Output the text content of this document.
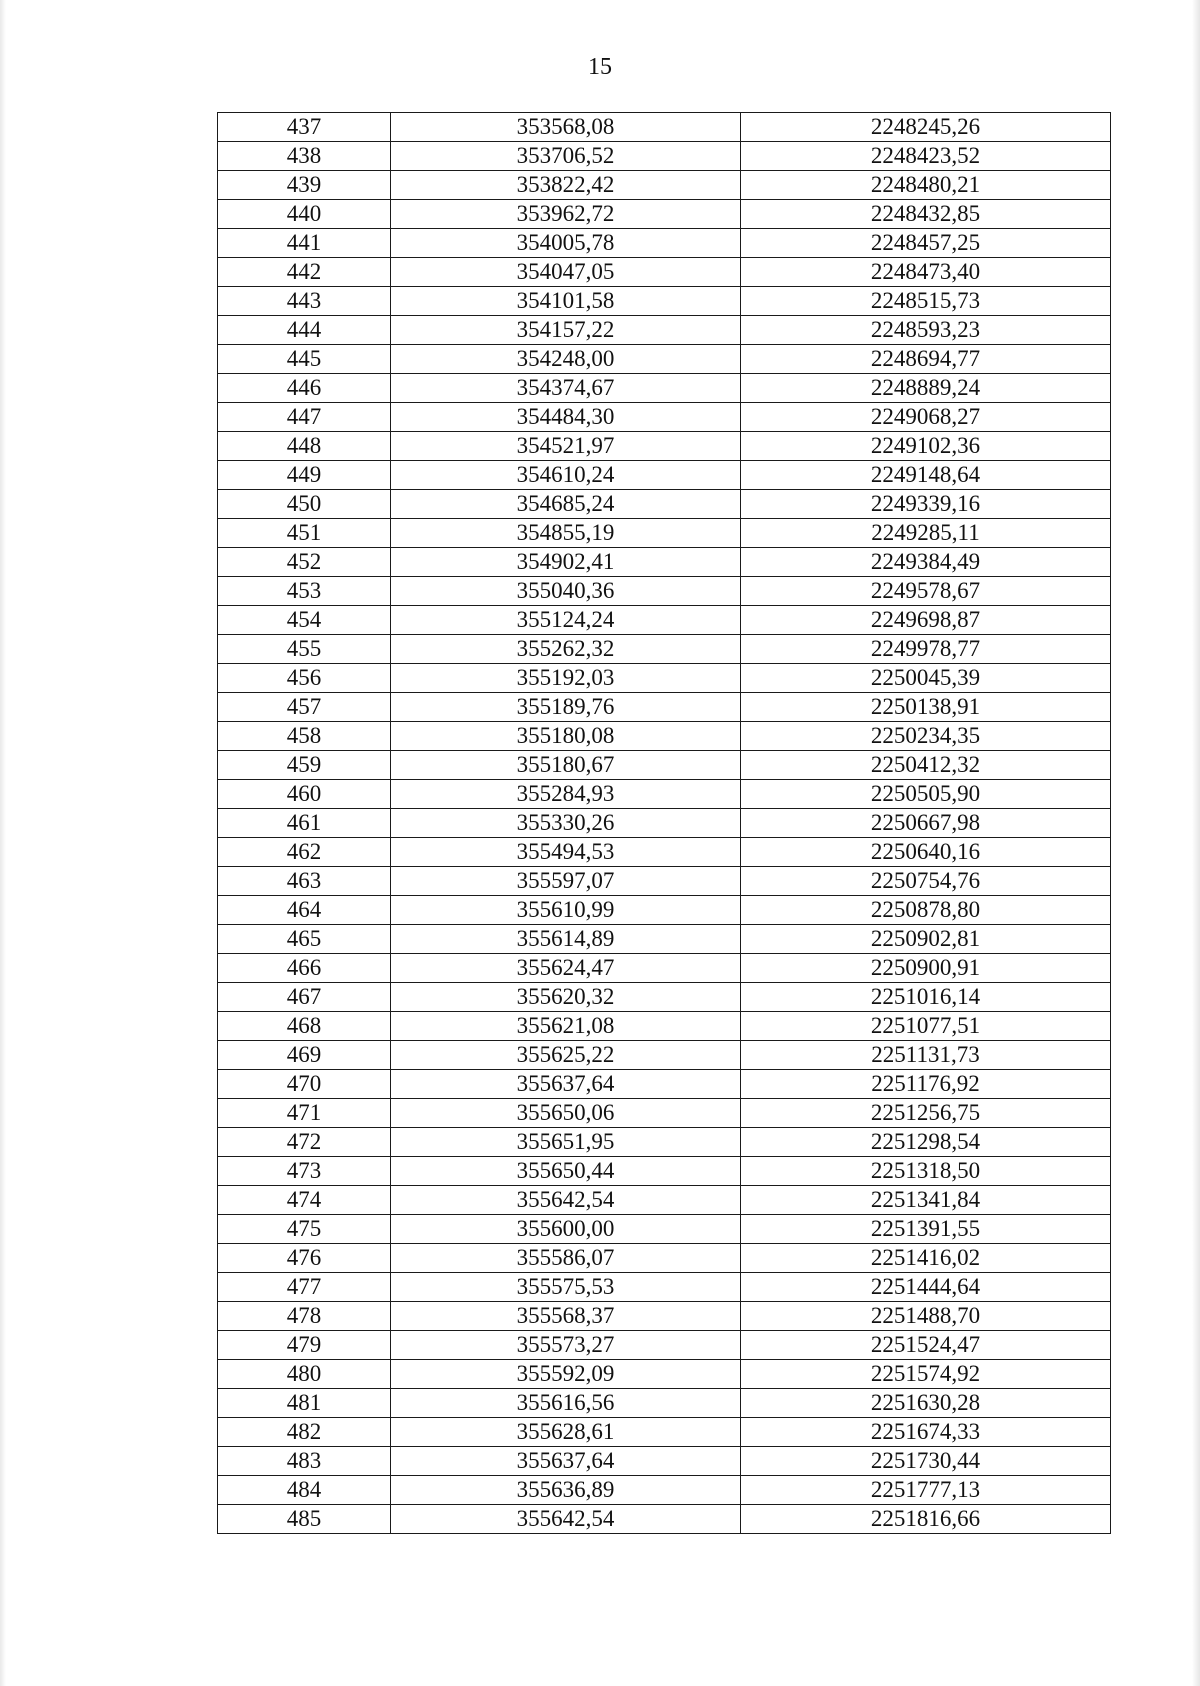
15
437	353568,08	2248245,26
438	353706,52	2248423,52
439	353822,42	2248480,21
440	353962,72	2248432,85
441	354005,78	2248457,25
442	354047,05	2248473,40
443	354101,58	2248515,73
444	354157,22	2248593,23
445	354248,00	2248694,77
446	354374,67	2248889,24
447	354484,30	2249068,27
448	354521,97	2249102,36
449	354610,24	2249148,64
450	354685,24	2249339,16
451	354855,19	2249285,11
452	354902,41	2249384,49
453	355040,36	2249578,67
454	355124,24	2249698,87
455	355262,32	2249978,77
456	355192,03	2250045,39
457	355189,76	2250138,91
458	355180,08	2250234,35
459	355180,67	2250412,32
460	355284,93	2250505,90
461	355330,26	2250667,98
462	355494,53	2250640,16
463	355597,07	2250754,76
464	355610,99	2250878,80
465	355614,89	2250902,81
466	355624,47	2250900,91
467	355620,32	2251016,14
468	355621,08	2251077,51
469	355625,22	2251131,73
470	355637,64	2251176,92
471	355650,06	2251256,75
472	355651,95	2251298,54
473	355650,44	2251318,50
474	355642,54	2251341,84
475	355600,00	2251391,55
476	355586,07	2251416,02
477	355575,53	2251444,64
478	355568,37	2251488,70
479	355573,27	2251524,47
480	355592,09	2251574,92
481	355616,56	2251630,28
482	355628,61	2251674,33
483	355637,64	2251730,44
484	355636,89	2251777,13
485	355642,54	2251816,66
